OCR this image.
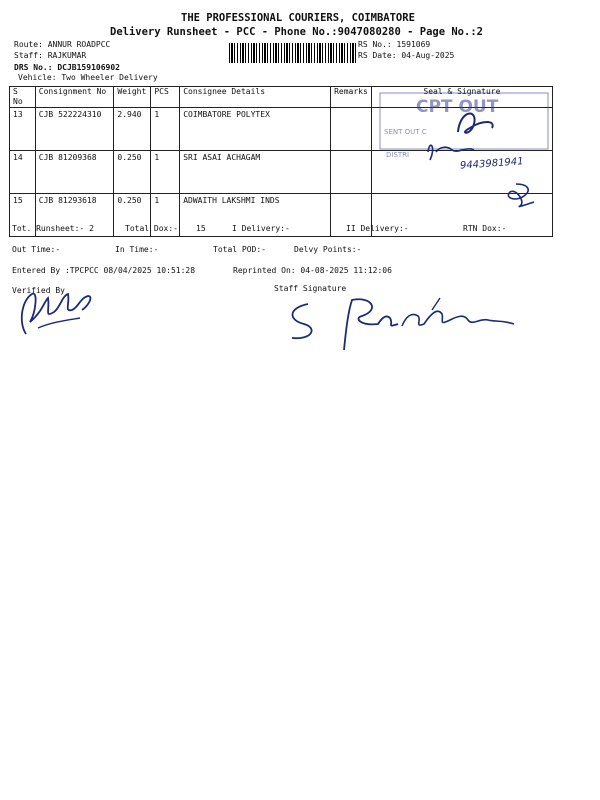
THE PROFESSIONAL COURIERS, COIMBATORE
Delivery Runsheet - PCC - Phone No.:9047080280 - Page No.:2
Route: ANNUR ROADPCC
Staff: RAJKUMAR
DRS No.: DCJB159106902
Vehicle: Two Wheeler Delivery
RS No.: 1591069
RS Date: 04-Aug-2025
S No	Consignment No	Weight	PCS	Consignee Details	Remarks	Seal & Signature
13	CJB 522224310	2.940	1	COIMBATORE POLYTEX		
14	CJB 81209368	0.250	1	SRI ASAI ACHAGAM		
15	CJB 81293618	0.250	1	ADWAITH LAKSHMI INDS		
CPT OUT
SENT OUT C
DISTRI
9443981941
Tot. Runsheet:- 2	Total Dox:- 15	I Delivery:-	II Delivery:-	RTN Dox:-
Out Time:-	In Time:-	Total POD:-	Delvy Points:-
Entered By :TPCPCC 08/04/2025 10:51:28	Reprinted On: 04-08-2025 11:12:06
Verified By	Staff Signature
